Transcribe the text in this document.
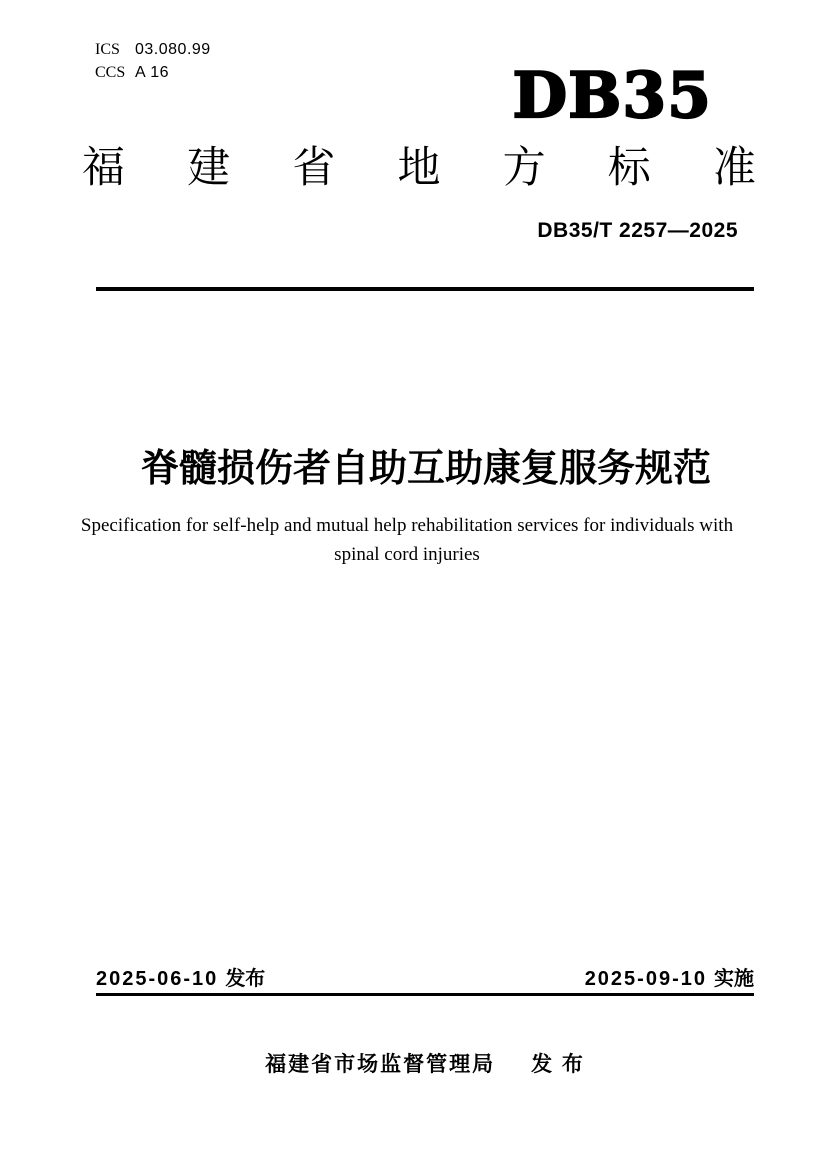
ICS 03.080.99
CCS A 16	DB35
福 建 省 地 方 标 准
DB35/T 2257—2025
脊髓损伤者自助互助康复服务规范
Specification for self-help and mutual help rehabilitation services for individuals with
spinal cord injuries
2025-06-10 发布	2025-09-10 实施
福建省市场监督管理局 发 布
